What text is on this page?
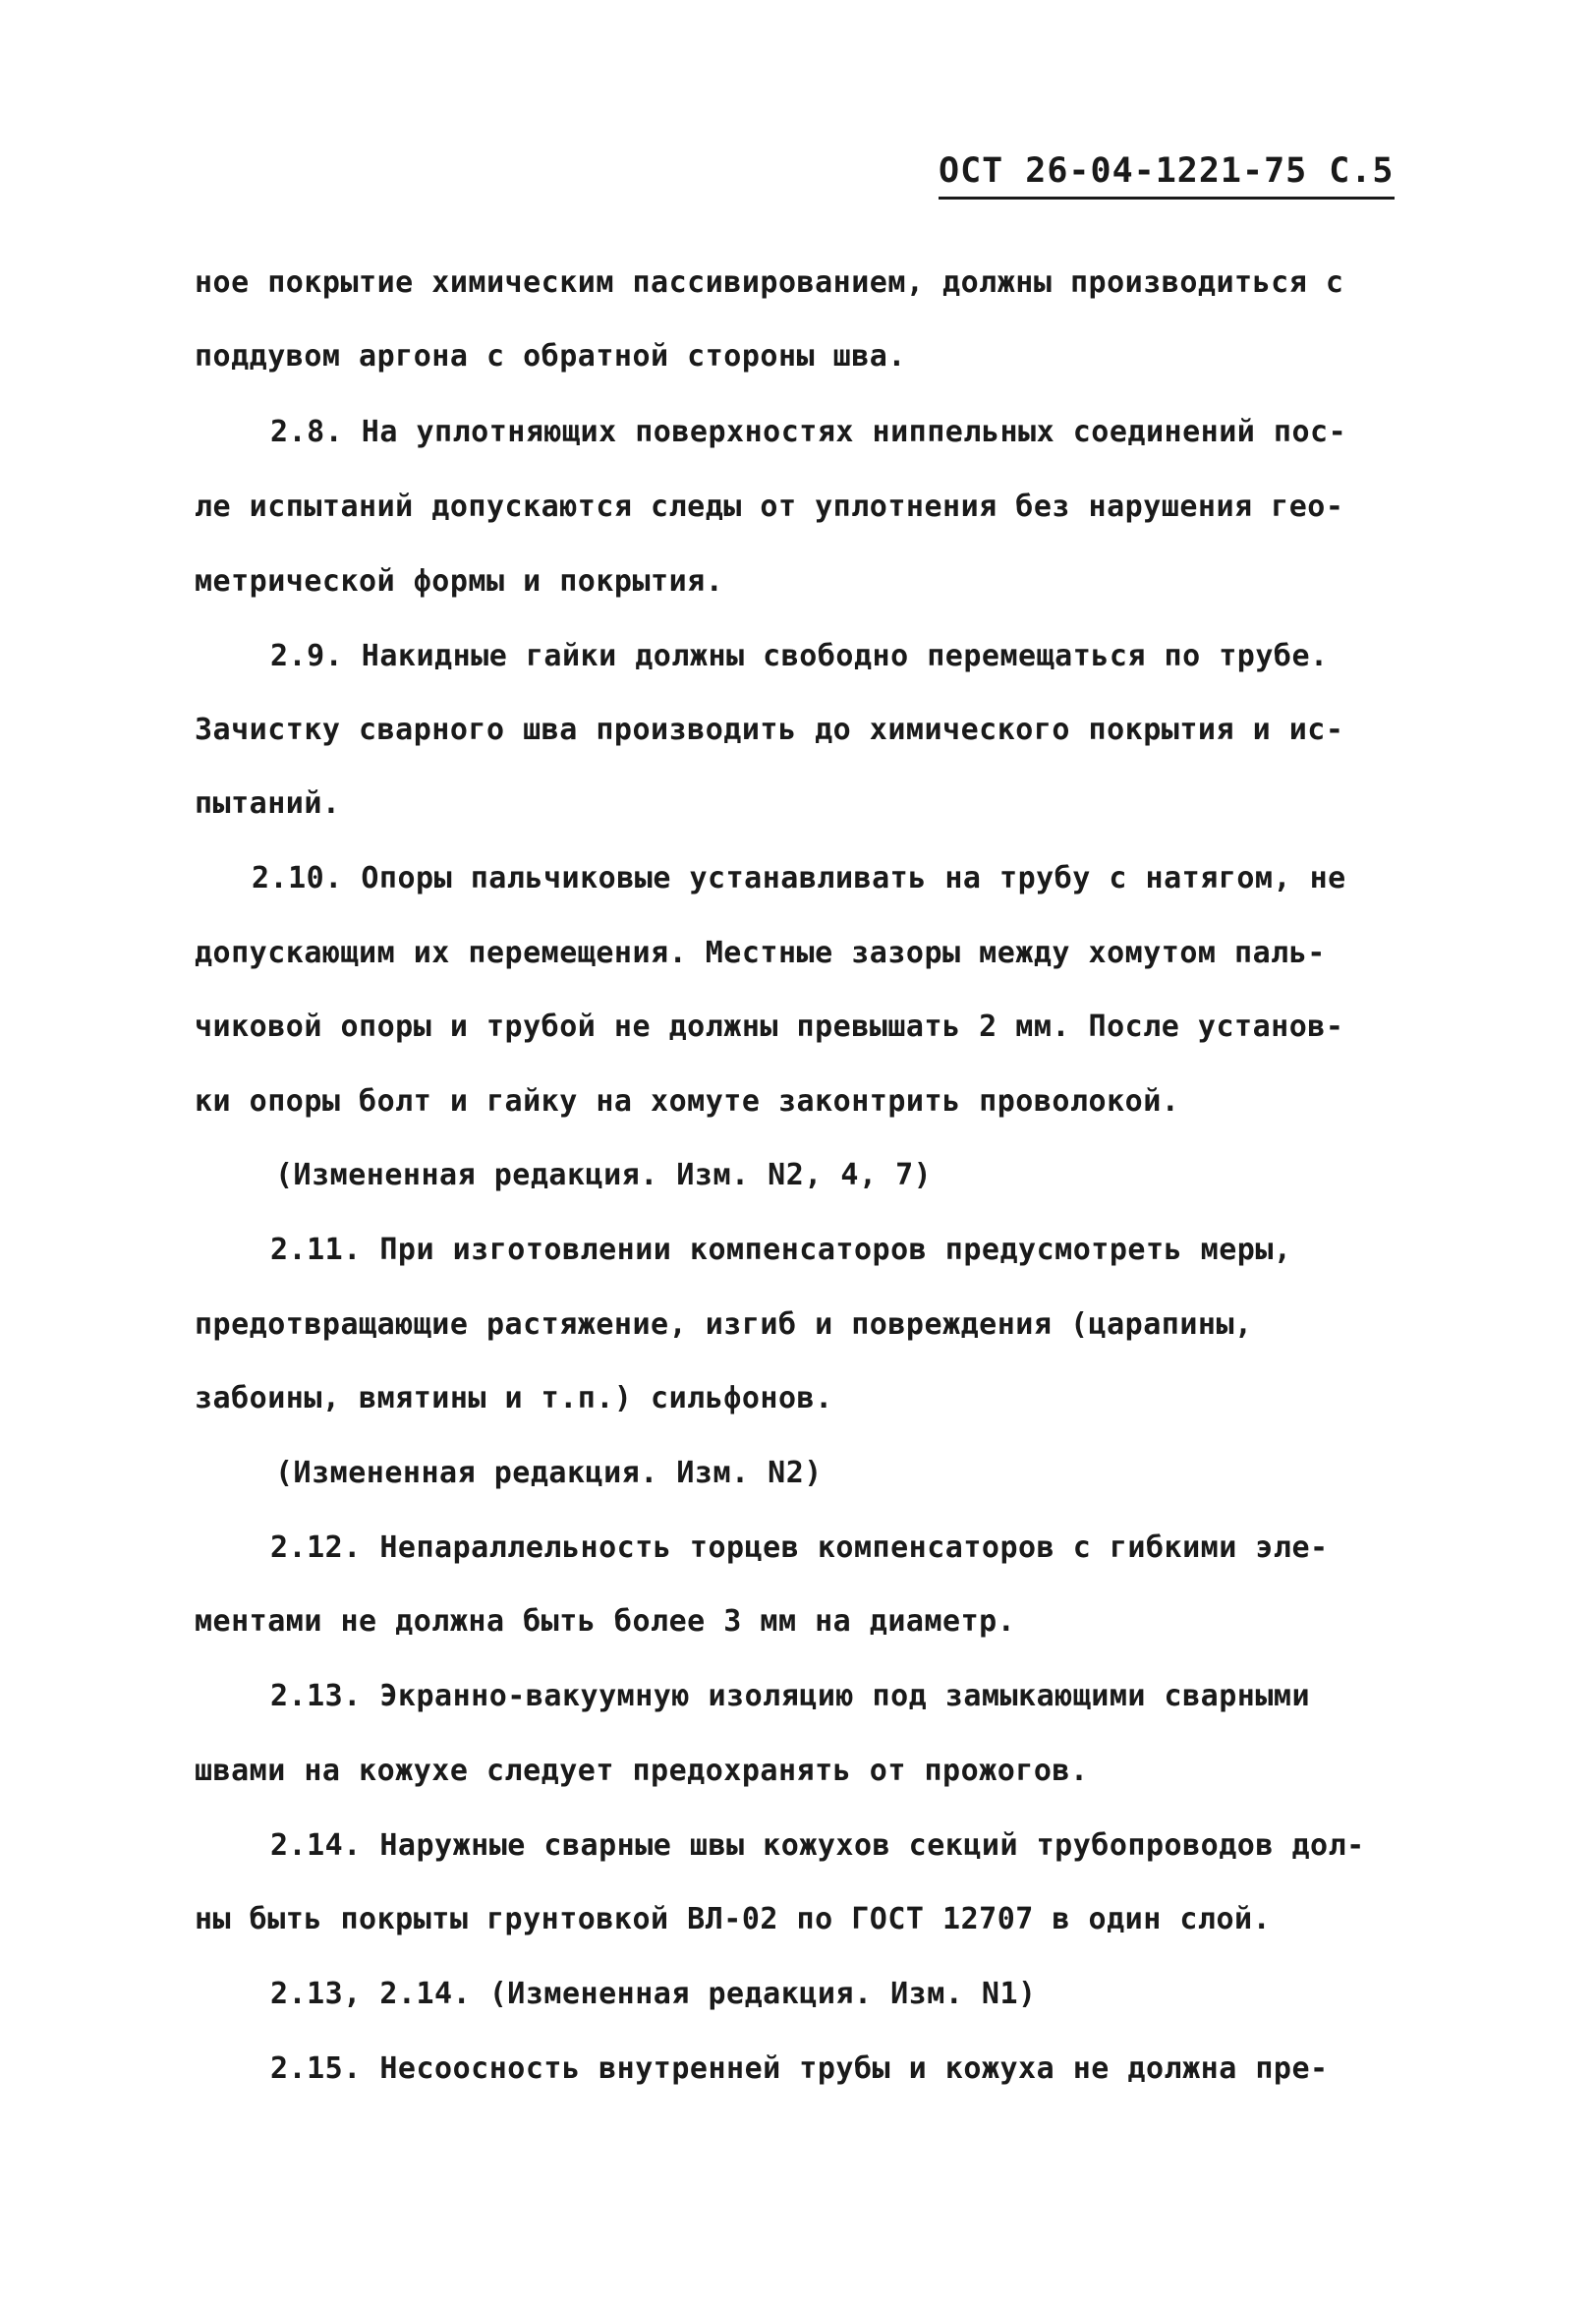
ОСТ 26-04-1221-75 С.5
ное покрытие химическим пассивированием, должны производиться с
поддувом аргона с обратной стороны шва.
2.8. На уплотняющих поверхностях ниппельных соединений пос-
ле испытаний допускаются следы от уплотнения без нарушения гео-
метрической формы и покрытия.
2.9. Накидные гайки должны свободно перемещаться по трубе.
Зачистку сварного шва производить до химического покрытия и ис-
пытаний.
2.10. Опоры пальчиковые устанавливать на трубу с натягом, не
допускающим их перемещения. Местные зазоры между хомутом паль-
чиковой опоры и трубой не должны превышать 2 мм. После установ-
ки опоры болт и гайку на хомуте законтрить проволокой.
(Измененная редакция. Изм. N2, 4, 7)
2.11. При изготовлении компенсаторов предусмотреть меры,
предотвращающие растяжение, изгиб и повреждения (царапины,
забоины, вмятины и т.п.) сильфонов.
(Измененная редакция. Изм. N2)
2.12. Непараллельность торцев компенсаторов с гибкими эле-
ментами не должна быть более 3 мм на диаметр.
2.13. Экранно-вакуумную изоляцию под замыкающими сварными
швами на кожухе следует предохранять от прожогов.
2.14. Наружные сварные швы кожухов секций трубопроводов дол-
ны быть покрыты грунтовкой ВЛ-02 по ГОСТ 12707 в один слой.
2.13, 2.14. (Измененная редакция. Изм. N1)
2.15. Несоосность внутренней трубы и кожуха не должна пре-
